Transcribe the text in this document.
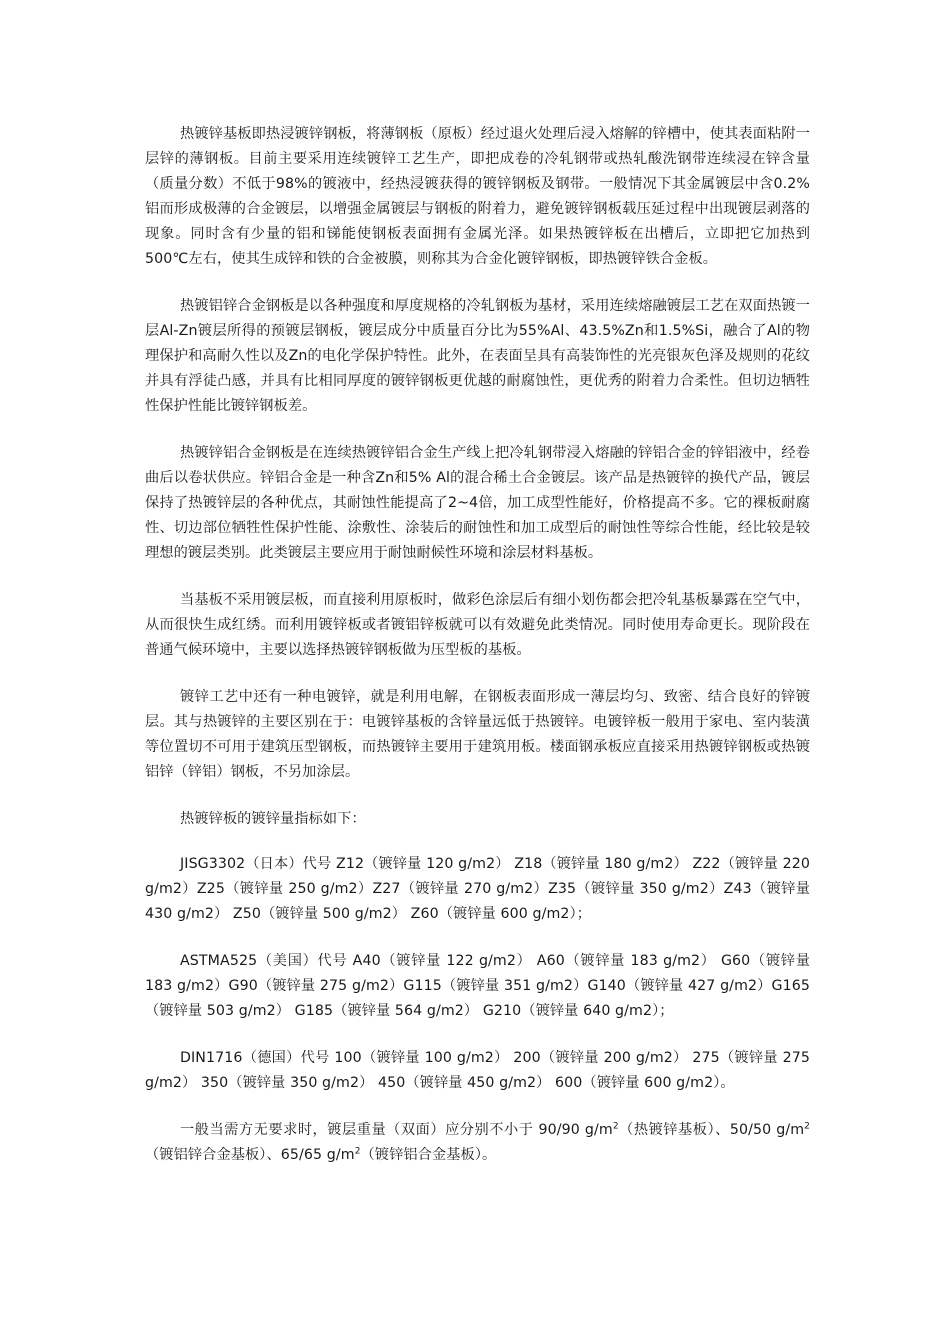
热镀锌基板即热浸镀锌钢板，将薄钢板（原板）经过退火处理后浸入熔解的锌槽中，使其表面粘附一层锌的薄钢板。目前主要采用连续镀锌工艺生产，即把成卷的冷轧钢带或热轧酸洗钢带连续浸在锌含量（质量分数）不低于98%的镀液中，经热浸镀获得的镀锌钢板及钢带。一般情况下其金属镀层中含0.2%铝而形成极薄的合金镀层，以增强金属镀层与钢板的附着力，避免镀锌钢板载压延过程中出现镀层剥落的现象。同时含有少量的铝和锑能使钢板表面拥有金属光泽。如果热镀锌板在出槽后，立即把它加热到500℃左右，使其生成锌和铁的合金被膜，则称其为合金化镀锌钢板，即热镀锌铁合金板。

热镀铝锌合金钢板是以各种强度和厚度规格的冷轧钢板为基材，采用连续熔融镀层工艺在双面热镀一层Al-Zn镀层所得的预镀层钢板，镀层成分中质量百分比为55%Al、43.5%Zn和1.5%Si，融合了Al的物理保护和高耐久性以及Zn的电化学保护特性。此外，在表面呈具有高装饰性的光亮银灰色泽及规则的花纹并具有浮徒凸感，并具有比相同厚度的镀锌钢板更优越的耐腐蚀性，更优秀的附着力合柔性。但切边牺牲性保护性能比镀锌钢板差。

热镀锌铝合金钢板是在连续热镀锌铝合金生产线上把冷轧钢带浸入熔融的锌铝合金的锌铝液中，经卷曲后以卷状供应。锌铝合金是一种含Zn和5% Al的混合稀土合金镀层。该产品是热镀锌的换代产品，镀层保持了热镀锌层的各种优点，其耐蚀性能提高了2~4倍，加工成型性能好，价格提高不多。它的裸板耐腐性、切边部位牺牲性保护性能、涂敷性、涂装后的耐蚀性和加工成型后的耐蚀性等综合性能，经比较是较理想的镀层类别。此类镀层主要应用于耐蚀耐候性环境和涂层材料基板。

当基板不采用镀层板，而直接利用原板时，做彩色涂层后有细小划伤都会把冷轧基板暴露在空气中，从而很快生成红绣。而利用镀锌板或者镀铝锌板就可以有效避免此类情况。同时使用寿命更长。现阶段在普通气候环境中，主要以选择热镀锌钢板做为压型板的基板。

镀锌工艺中还有一种电镀锌，就是利用电解，在钢板表面形成一薄层均匀、致密、结合良好的锌镀层。其与热镀锌的主要区别在于：电镀锌基板的含锌量远低于热镀锌。电镀锌板一般用于家电、室内装潢等位置切不可用于建筑压型钢板，而热镀锌主要用于建筑用板。楼面钢承板应直接采用热镀锌钢板或热镀铝锌（锌铝）钢板，不另加涂层。

热镀锌板的镀锌量指标如下：

JISG3302（日本）代号 Z12（镀锌量 120 g/m2） Z18（镀锌量 180 g/m2） Z22（镀锌量 220 g/m2）Z25（镀锌量 250 g/m2）Z27（镀锌量 270 g/m2）Z35（镀锌量 350 g/m2）Z43（镀锌量 430 g/m2） Z50（镀锌量 500 g/m2） Z60（镀锌量 600 g/m2）；

ASTMA525（美国）代号 A40（镀锌量 122 g/m2） A60（镀锌量 183 g/m2） G60（镀锌量 183 g/m2）G90（镀锌量 275 g/m2）G115（镀锌量 351 g/m2）G140（镀锌量 427 g/m2）G165（镀锌量 503 g/m2） G185（镀锌量 564 g/m2） G210（镀锌量 640 g/m2）；

DIN1716（德国）代号 100（镀锌量 100 g/m2） 200（镀锌量 200 g/m2） 275（镀锌量 275 g/m2） 350（镀锌量 350 g/m2） 450（镀锌量 450 g/m2） 600（镀锌量 600 g/m2）。

一般当需方无要求时，镀层重量（双面）应分别不小于 90/90 $g/m^2$（热镀锌基板）、50/50 $g/m^2$（镀铝锌合金基板）、65/65 $g/m^2$（镀锌铝合金基板）。
